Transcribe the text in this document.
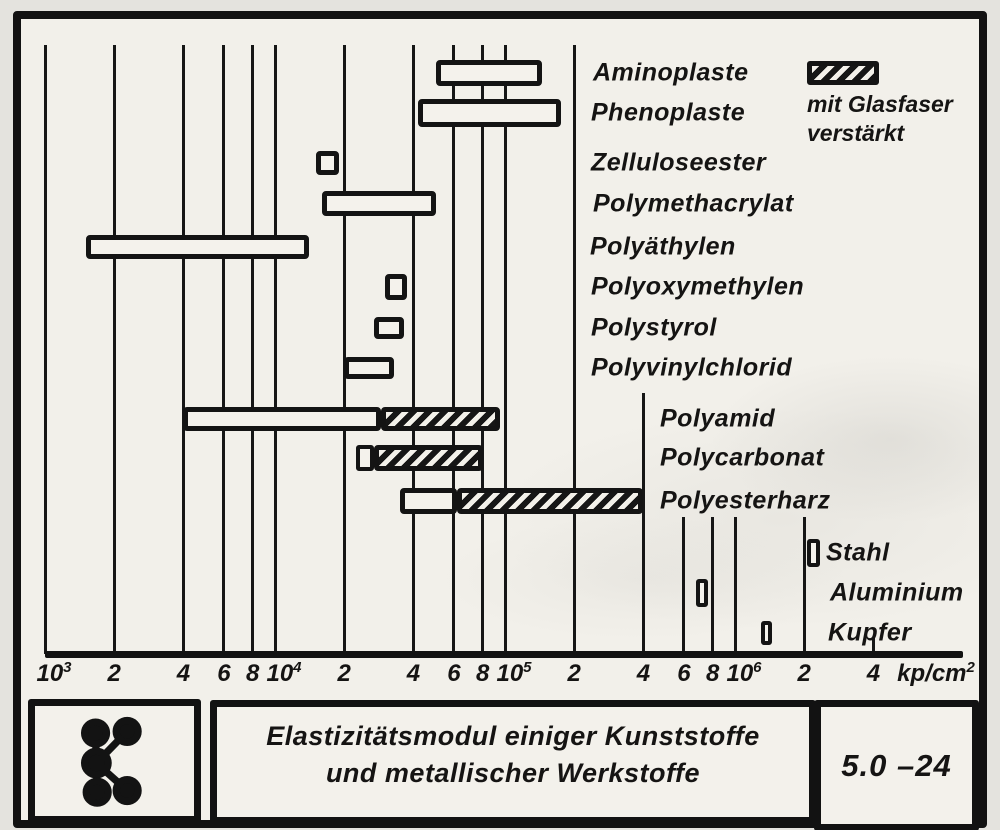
mit Glasfaser
verstärkt
$10^3$ 2 4 6 8 $10^4$ 2 4 6 8 $10^5$ 2 4 6 8 $10^6$ 2 4 $kp/cm^2$
Aminoplaste
Phenoplaste
Zelluloseester
Polymethacrylat
Polyäthylen
Polyoxymethylen
Polystyrol
Polyvinylchlorid
Polyamid
Polycarbonat
Polyesterharz
Stahl
Aluminium
Kupfer
Elastizitätsmodul einiger Kunststoffe
und metallischer Werkstoffe	5.0 –24
